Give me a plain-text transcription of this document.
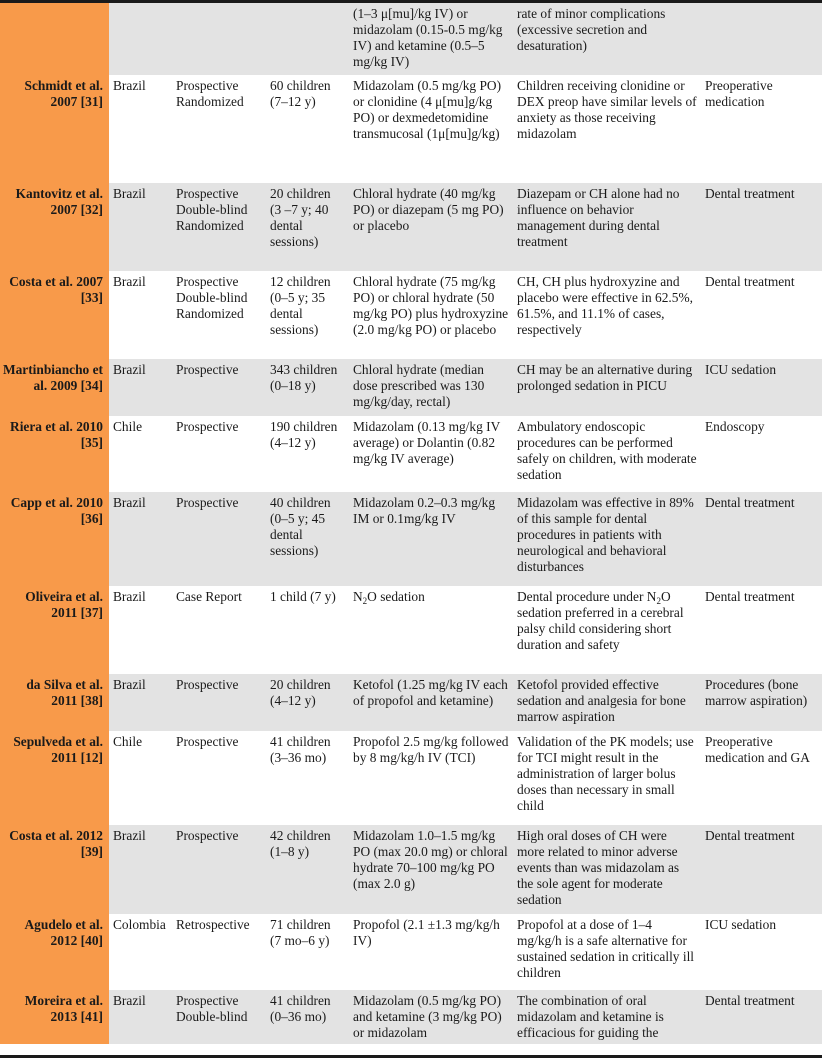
				(1–3 μ[mu]/kg IV) or midazolam (0.15-0.5 mg/kg IV) and ketamine (0.5–5 mg/kg IV)	rate of minor complications (excessive secretion and desaturation)	
Schmidt et al. 2007 [31]	Brazil	Prospective Randomized	60 children (7–12 y)	Midazolam (0.5 mg/kg PO) or clonidine (4 μ[mu]g/kg PO) or dexmedetomidine transmucosal (1μ[mu]g/kg)	Children receiving clonidine or DEX preop have similar levels of anxiety as those receiving midazolam	Preoperative medication
Kantovitz et al. 2007 [32]	Brazil	Prospective Double-blind Randomized	20 children (3 –7 y; 40 dental sessions)	Chloral hydrate (40 mg/kg PO) or diazepam (5 mg PO) or placebo	Diazepam or CH alone had no influence on behavior management during dental treatment	Dental treatment
Costa et al. 2007 [33]	Brazil	Prospective Double-blind Randomized	12 children (0–5 y; 35 dental sessions)	Chloral hydrate (75 mg/kg PO) or chloral hydrate (50 mg/kg PO) plus hydroxyzine (2.0 mg/kg PO) or placebo	CH, CH plus hydroxyzine and placebo were effective in 62.5%, 61.5%, and 11.1% of cases, respectively	Dental treatment
Martinbiancho et al. 2009 [34]	Brazil	Prospective	343 children (0–18 y)	Chloral hydrate (median dose prescribed was 130 mg/kg/day, rectal)	CH may be an alternative during prolonged sedation in PICU	ICU sedation
Riera et al. 2010 [35]	Chile	Prospective	190 children (4–12 y)	Midazolam (0.13 mg/kg IV average) or Dolantin (0.82 mg/kg IV average)	Ambulatory endoscopic procedures can be performed safely on children, with moderate sedation	Endoscopy
Capp et al. 2010 [36]	Brazil	Prospective	40 children (0–5 y; 45 dental sessions)	Midazolam 0.2–0.3 mg/kg IM or 0.1mg/kg IV	Midazolam was effective in 89% of this sample for dental procedures in patients with neurological and behavioral disturbances	Dental treatment
Oliveira et al. 2011 [37]	Brazil	Case Report	1 child (7 y)	$N_2O$ sedation	Dental procedure under $N_2O$ sedation preferred in a cerebral palsy child considering short duration and safety	Dental treatment
da Silva et al. 2011 [38]	Brazil	Prospective	20 children (4–12 y)	Ketofol (1.25 mg/kg IV each of propofol and ketamine)	Ketofol provided effective sedation and analgesia for bone marrow aspiration	Procedures (bone marrow aspiration)
Sepulveda et al. 2011 [12]	Chile	Prospective	41 children (3–36 mo)	Propofol 2.5 mg/kg followed by 8 mg/kg/h IV (TCI)	Validation of the PK models; use for TCI might result in the administration of larger bolus doses than necessary in small child	Preoperative medication and GA
Costa et al. 2012 [39]	Brazil	Prospective	42 children (1–8 y)	Midazolam 1.0–1.5 mg/kg PO (max 20.0 mg) or chloral hydrate 70–100 mg/kg PO (max 2.0 g)	High oral doses of CH were more related to minor adverse events than was midazolam as the sole agent for moderate sedation	Dental treatment
Agudelo et al. 2012 [40]	Colombia	Retrospective	71 children (7 mo–6 y)	Propofol (2.1 ±1.3 mg/kg/h IV)	Propofol at a dose of 1–4 mg/kg/h is a safe alternative for sustained sedation in critically ill children	ICU sedation
Moreira et al. 2013 [41]	Brazil	Prospective Double-blind	41 children (0–36 mo)	Midazolam (0.5 mg/kg PO) and ketamine (3 mg/kg PO) or midazolam	The combination of oral midazolam and ketamine is efficacious for guiding the	Dental treatment
